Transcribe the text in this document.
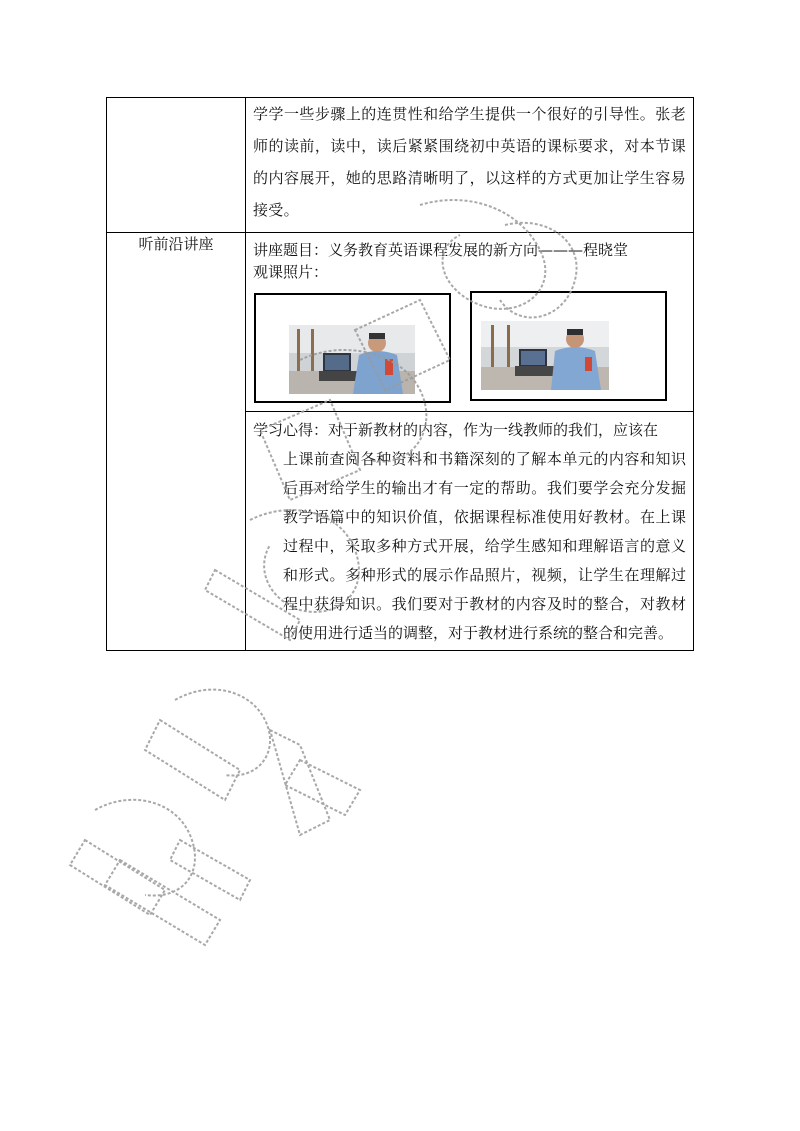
	学学一些步骤上的连贯性和给学生提供一个很好的引导性。张老师的读前，读中，读后紧紧围绕初中英语的课标要求，对本节课的内容展开，她的思路清晰明了，以这样的方式更加让学生容易接受。

听前沿讲座	讲座题目：义务教育英语课程发展的新方向———程晓堂
观课照片：

	学习心得：对于新教材的内容，作为一线教师的我们，应该在
上课前查阅各种资料和书籍深刻的了解本单元的内容和知识后再对给学生的输出才有一定的帮助。我们要学会充分发掘教学语篇中的知识价值，依据课程标准使用好教材。在上课过程中，采取多种方式开展，给学生感知和理解语言的意义和形式。多种形式的展示作品照片，视频，让学生在理解过程中获得知识。我们要对于教材的内容及时的整合，对教材的使用进行适当的调整，对于教材进行系统的整合和完善。
